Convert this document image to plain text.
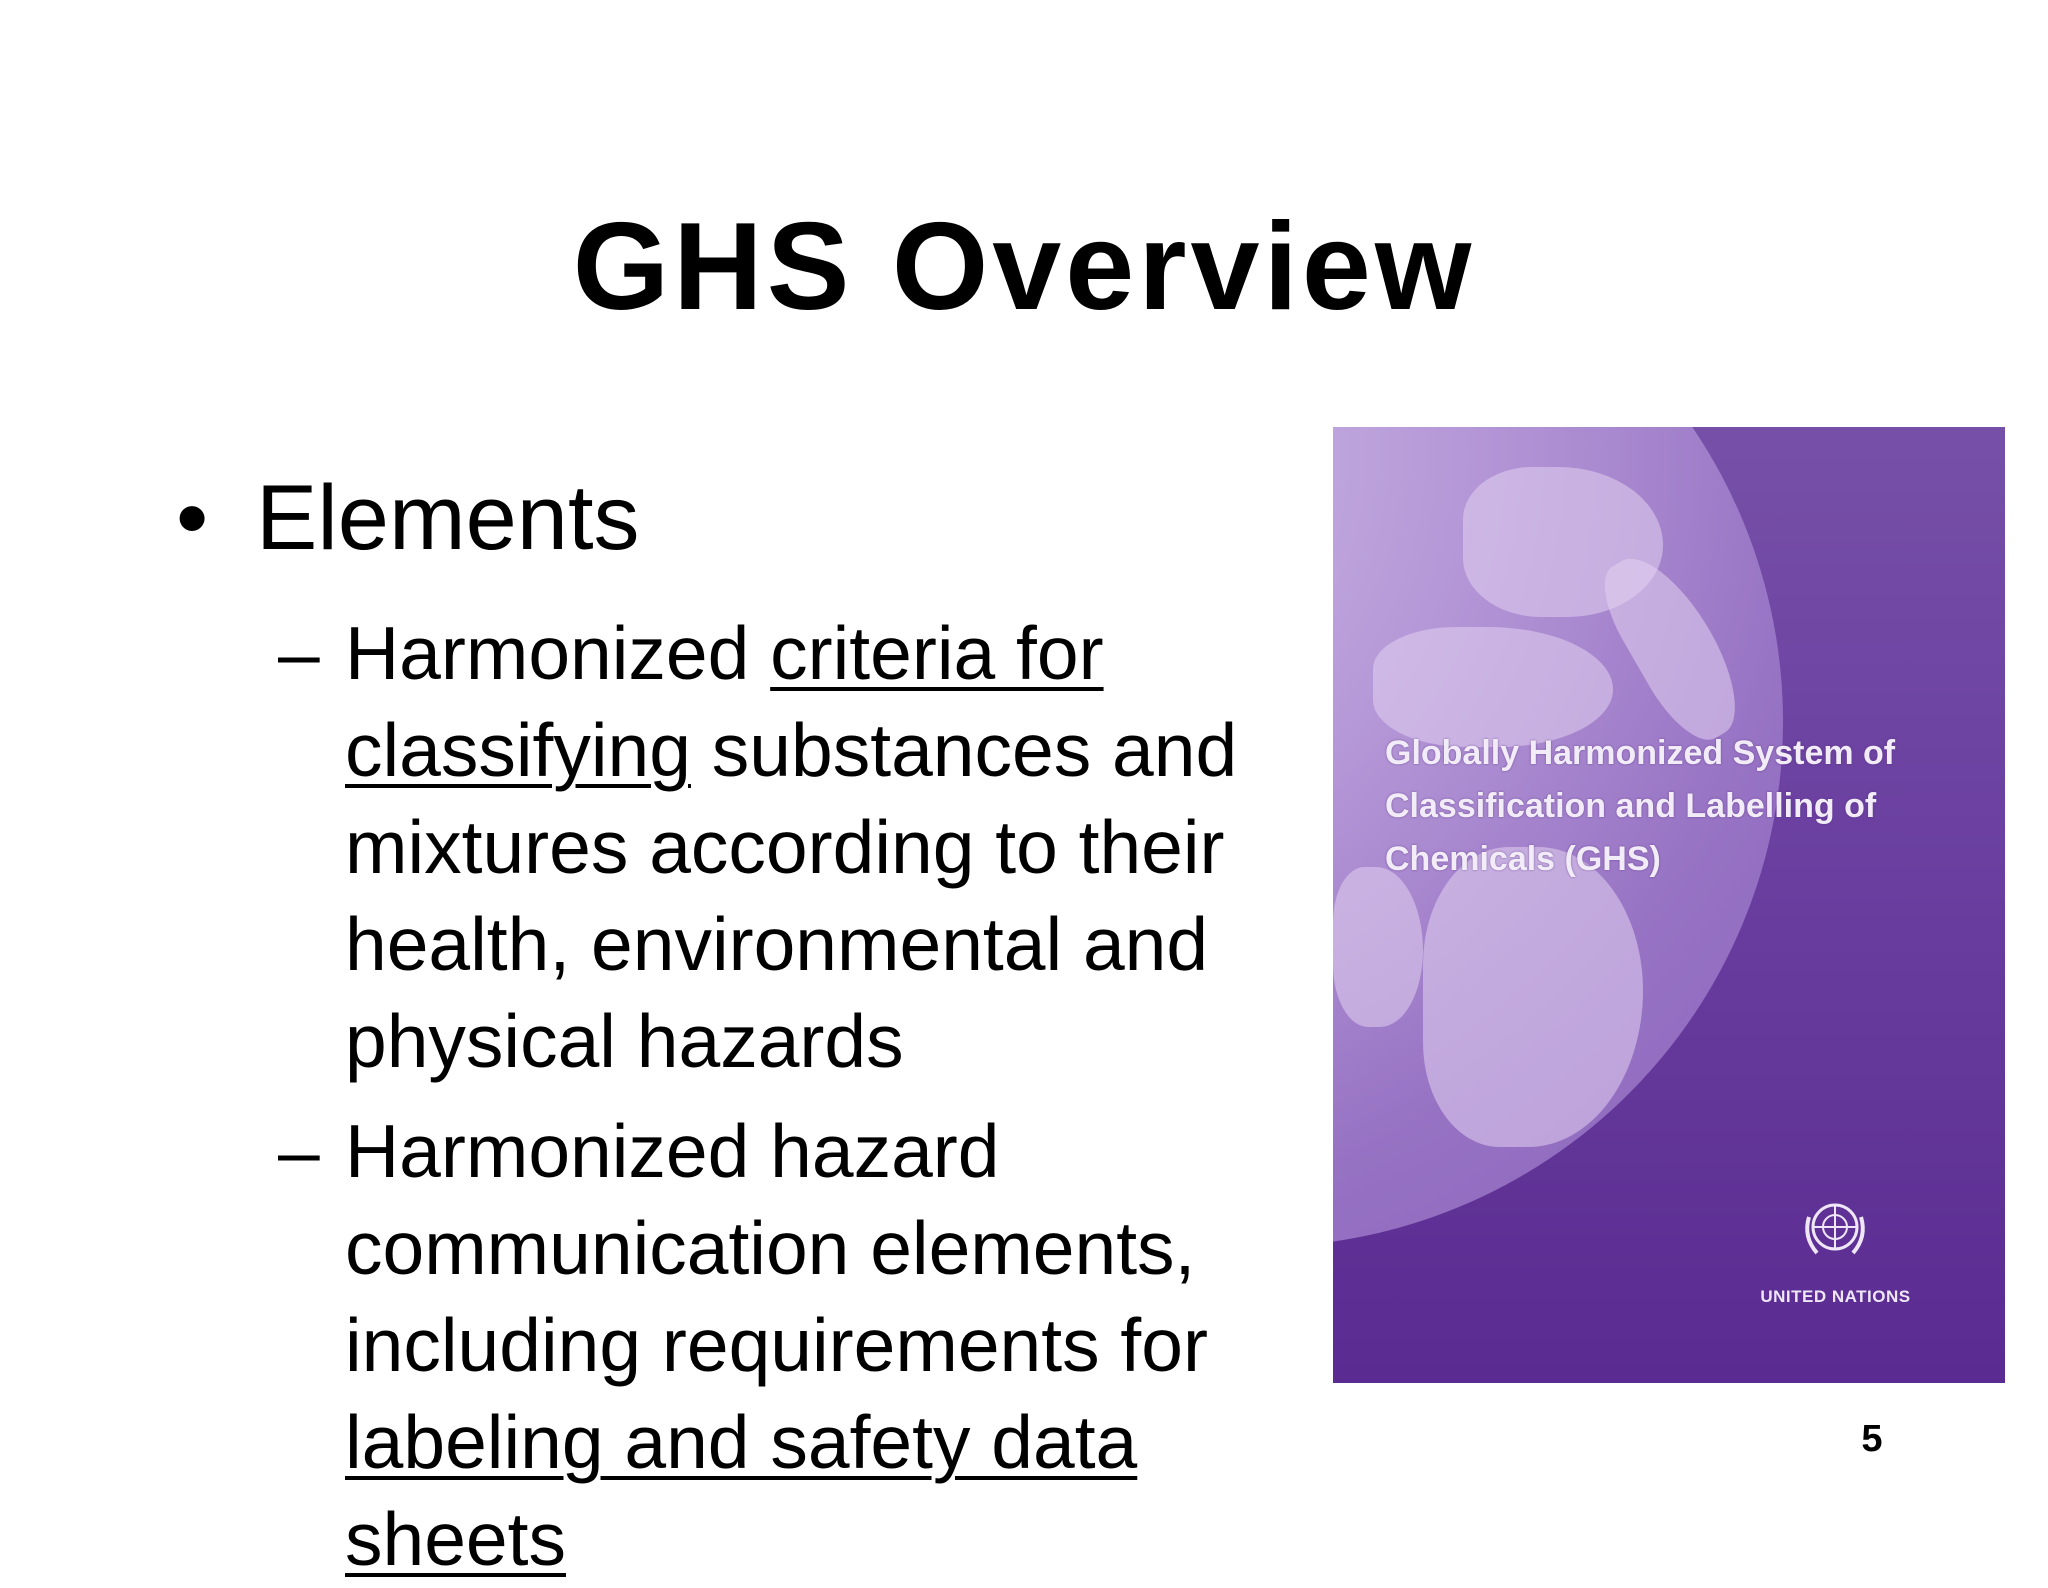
GHS Overview
• Elements
– Harmonized criteria for classifying substances and mixtures according to their health, environmental and physical hazards
– Harmonized hazard communication elements, including requirements for labeling and safety data sheets
Globally Harmonized System of Classification and Labelling of Chemicals (GHS)
UNITED NATIONS
5
